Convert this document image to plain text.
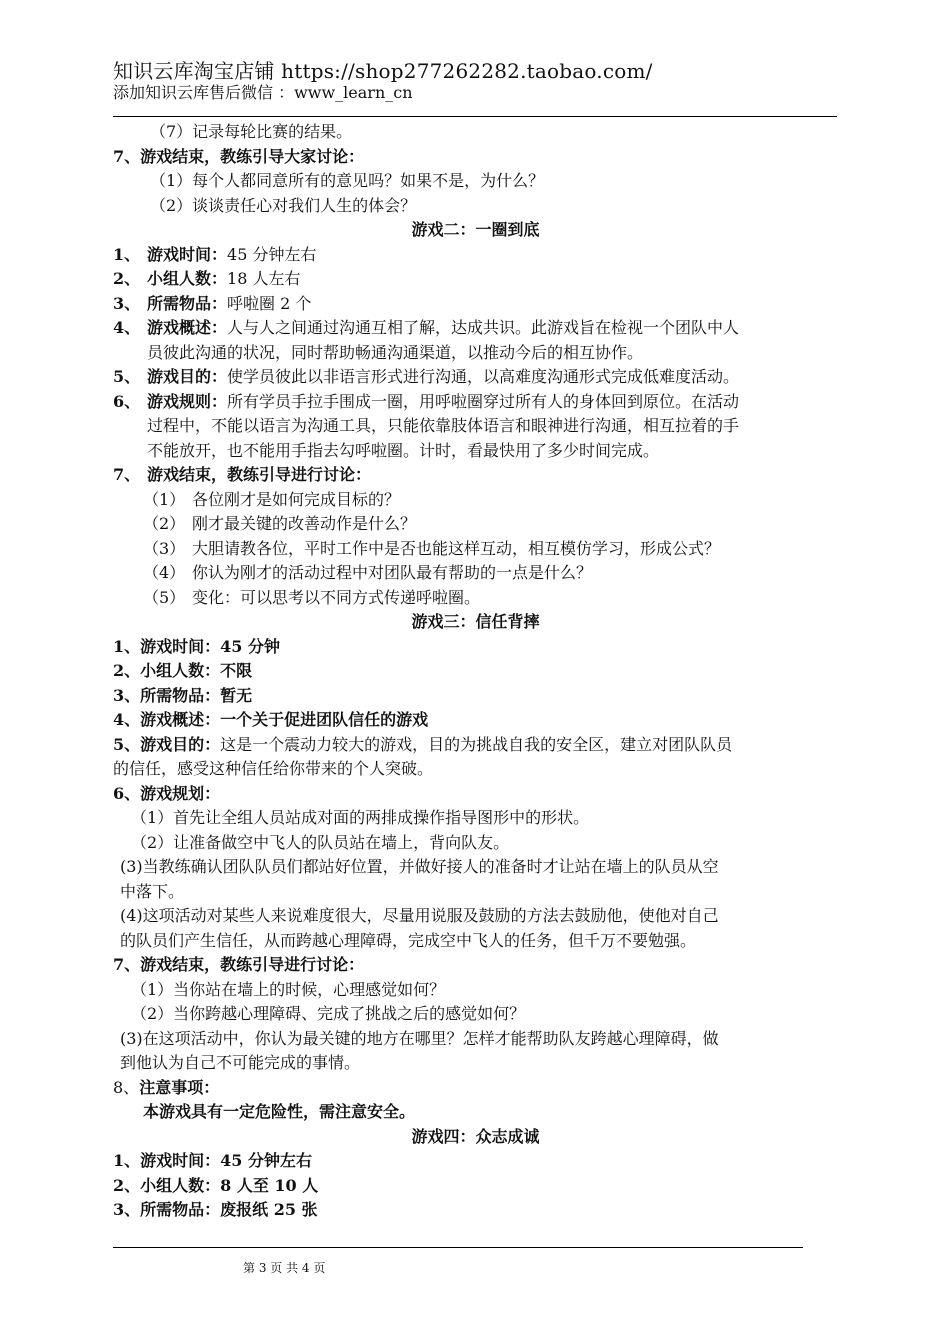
知识云库淘宝店铺 https://shop277262282.taobao.com/
添加知识云库售后微信 ：www_learn_cn
（7）记录每轮比赛的结果。
7、游戏结束，教练引导大家讨论：
（1）每个人都同意所有的意见吗？如果不是，为什么？
（2）谈谈责任心对我们人生的体会？
游戏二：一圈到底
1、 游戏时间：45 分钟左右
2、 小组人数：18 人左右
3、 所需物品：呼啦圈 2 个
4、 游戏概述：人与人之间通过沟通互相了解，达成共识。此游戏旨在检视一个团队中人
员彼此沟通的状况，同时帮助畅通沟通渠道，以推动今后的相互协作。
5、 游戏目的：使学员彼此以非语言形式进行沟通，以高难度沟通形式完成低难度活动。
6、 游戏规则：所有学员手拉手围成一圈，用呼啦圈穿过所有人的身体回到原位。在活动
过程中，不能以语言为沟通工具，只能依靠肢体语言和眼神进行沟通，相互拉着的手
不能放开，也不能用手指去勾呼啦圈。计时，看最快用了多少时间完成。
7、 游戏结束，教练引导进行讨论：
（1） 各位刚才是如何完成目标的？
（2） 刚才最关键的改善动作是什么？
（3） 大胆请教各位，平时工作中是否也能这样互动，相互模仿学习，形成公式？
（4） 你认为刚才的活动过程中对团队最有帮助的一点是什么？
（5） 变化：可以思考以不同方式传递呼啦圈。
游戏三：信任背摔
1、游戏时间：45 分钟
2、小组人数：不限
3、所需物品：暂无
4、游戏概述：一个关于促进团队信任的游戏
5、游戏目的：这是一个震动力较大的游戏，目的为挑战自我的安全区，建立对团队队员
的信任，感受这种信任给你带来的个人突破。
6、游戏规划：
（1）首先让全组人员站成对面的两排成操作指导图形中的形状。
（2）让准备做空中飞人的队员站在墙上，背向队友。
(3)当教练确认团队队员们都站好位置，并做好接人的准备时才让站在墙上的队员从空
中落下。
(4)这项活动对某些人来说难度很大，尽量用说服及鼓励的方法去鼓励他，使他对自己
的队员们产生信任，从而跨越心理障碍，完成空中飞人的任务，但千万不要勉强。
7、游戏结束，教练引导进行讨论：
（1）当你站在墙上的时候，心理感觉如何？
（2）当你跨越心理障碍、完成了挑战之后的感觉如何？
(3)在这项活动中，你认为最关键的地方在哪里？怎样才能帮助队友跨越心理障碍，做
到他认为自己不可能完成的事情。
8、注意事项：
本游戏具有一定危险性，需注意安全。
游戏四：众志成诚
1、游戏时间：45 分钟左右
2、小组人数：8 人至 10 人
3、所需物品：废报纸 25 张
第 3 页 共 4 页
